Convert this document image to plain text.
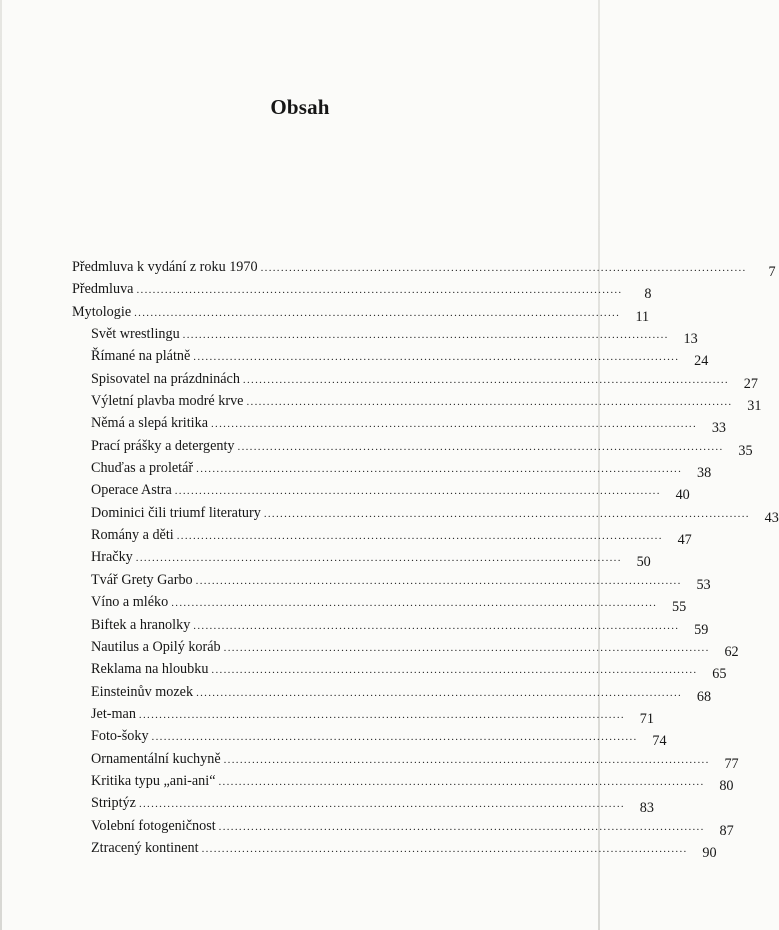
Obsah
Předmluva k vydání z roku 1970 ........................................................................................................................	7
Předmluva ........................................................................................................................	8
Mytologie ........................................................................................................................	11
Svět wrestlingu ........................................................................................................................	13
Římané na plátně ........................................................................................................................	24
Spisovatel na prázdninách ........................................................................................................................	27
Výletní plavba modré krve ........................................................................................................................	31
Němá a slepá kritika ........................................................................................................................	33
Prací prášky a detergenty ........................................................................................................................	35
Chuďas a proletář ........................................................................................................................	38
Operace Astra ........................................................................................................................	40
Dominici čili triumf literatury ........................................................................................................................	43
Romány a děti ........................................................................................................................	47
Hračky ........................................................................................................................	50
Tvář Grety Garbo ........................................................................................................................	53
Víno a mléko ........................................................................................................................	55
Biftek a hranolky ........................................................................................................................	59
Nautilus a Opilý koráb ........................................................................................................................	62
Reklama na hloubku ........................................................................................................................	65
Einsteinův mozek ........................................................................................................................	68
Jet-man ........................................................................................................................	71
Foto-šoky ........................................................................................................................	74
Ornamentální kuchyně ........................................................................................................................	77
Kritika typu „ani-ani“ ........................................................................................................................	80
Striptýz ........................................................................................................................	83
Volební fotogeničnost ........................................................................................................................	87
Ztracený kontinent ........................................................................................................................	90
